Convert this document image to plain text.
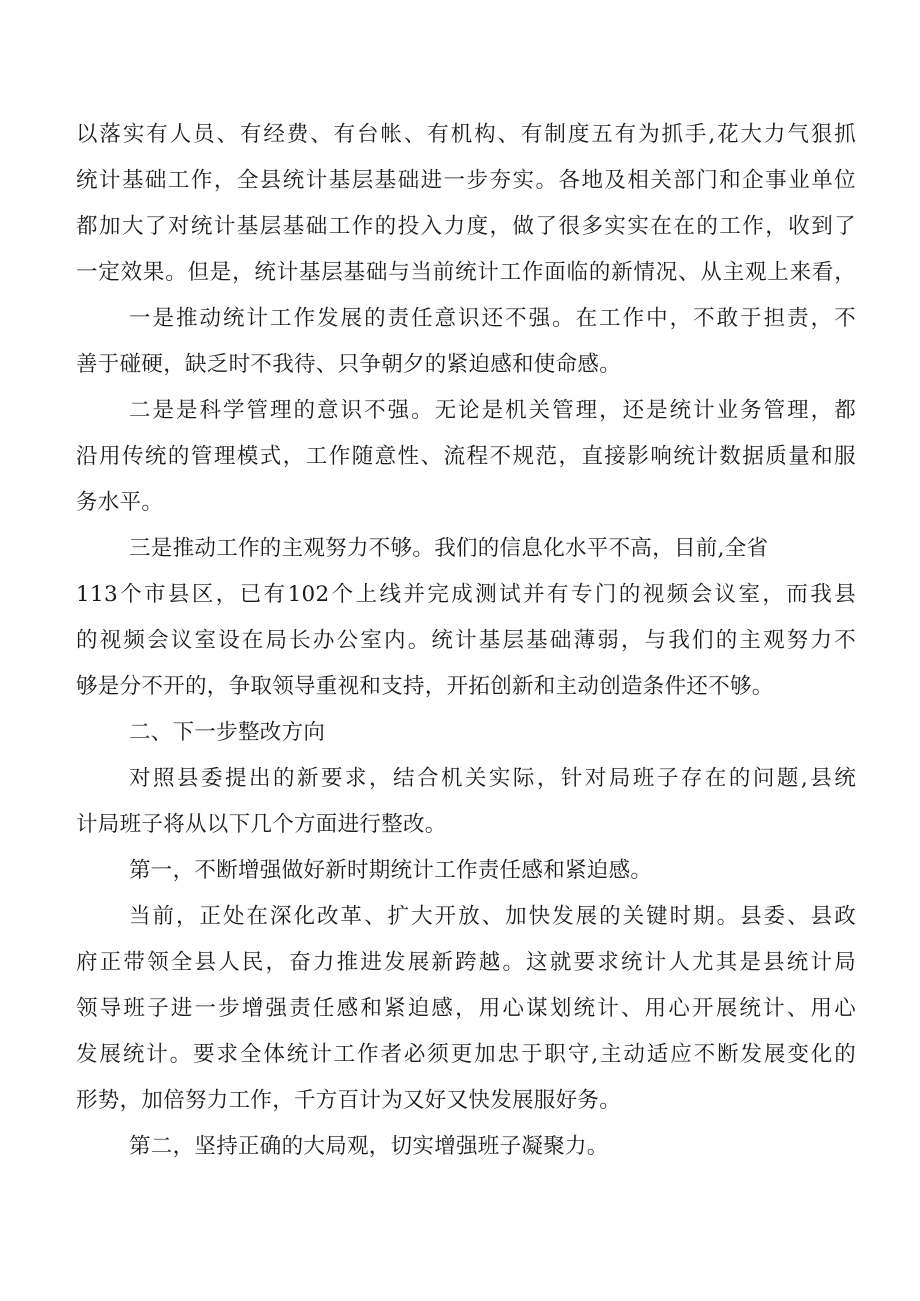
以落实有人员、有经费、有台帐、有机构、有制度五有为抓手,花大力气狠抓
统计基础工作，全县统计基层基础进一步夯实。各地及相关部门和企事业单位
都加大了对统计基层基础工作的投入力度，做了很多实实在在的工作，收到了
一定效果。但是，统计基层基础与当前统计工作面临的新情况、从主观上来看，
一是推动统计工作发展的责任意识还不强。在工作中，不敢于担责，不
善于碰硬，缺乏时不我待、只争朝夕的紧迫感和使命感。
二是是科学管理的意识不强。无论是机关管理，还是统计业务管理，都
沿用传统的管理模式，工作随意性、流程不规范，直接影响统计数据质量和服
务水平。
三是推动工作的主观努力不够。我们的信息化水平不高，目前,全省
113个市县区，已有102个上线并完成测试并有专门的视频会议室，而我县
的视频会议室设在局长办公室内。统计基层基础薄弱，与我们的主观努力不
够是分不开的，争取领导重视和支持，开拓创新和主动创造条件还不够。
二、下一步整改方向
对照县委提出的新要求，结合机关实际，针对局班子存在的问题,县统
计局班子将从以下几个方面进行整改。
第一，不断增强做好新时期统计工作责任感和紧迫感。
当前，正处在深化改革、扩大开放、加快发展的关键时期。县委、县政
府正带领全县人民，奋力推进发展新跨越。这就要求统计人尤其是县统计局
领导班子进一步增强责任感和紧迫感，用心谋划统计、用心开展统计、用心
发展统计。要求全体统计工作者必须更加忠于职守,主动适应不断发展变化的
形势，加倍努力工作，千方百计为又好又快发展服好务。
第二，坚持正确的大局观，切实增强班子凝聚力。
